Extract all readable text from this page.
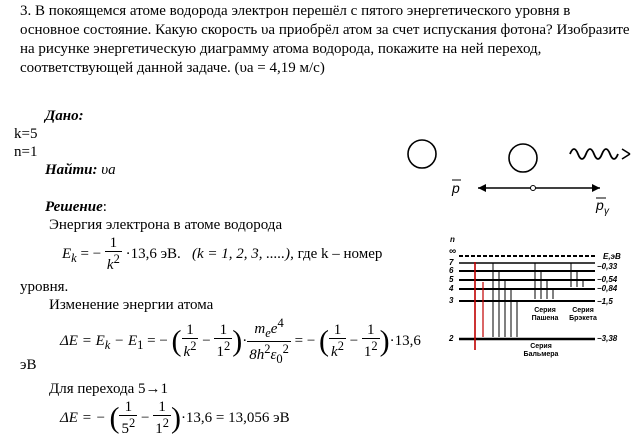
3. В покоящемся атоме водорода электрон перешёл с пятого энергетического уровня в основное состояние. Какую скорость υа приобрёл атом за счет испускания фотона? Изобразите на рисунке энергетическую диаграмму атома водорода, покажите на ней переход, соответствующей данной задаче. (υа = 4,19 м/с)
Дано:
k=5
n=1
Найти: υа
Решение:
Энергия электрона в атоме водорода
$E_k$ = − $\frac{1}{k^2} \cdot 13,6$ эВ. (k = 1, 2, 3, .....), где k – номер
уровня.
Изменение энергии атома
$\Delta E = E_k - E_1$ = − ( $\frac{1}{k^2} - \frac{1}{1^2}$ )· $\frac{m_ee^4}{8h^2\varepsilon_0^2}$ = − ( $\frac{1}{k^2} - \frac{1}{1^2} )\cdot 13,6$
эВ
Для перехода 5→1
ΔE = − ( $\frac{1}{5^2} - \frac{1}{1^2} )\cdot 13,6 = 13,056$ эВ
p
p γ
n
∞
7
6
5
4
3
2
Серия
Пашена
Серия
Брэкета
Серия
Бальмера
E,эВ
−0,33
−0,54
−0,84
−1,5
−3,38
